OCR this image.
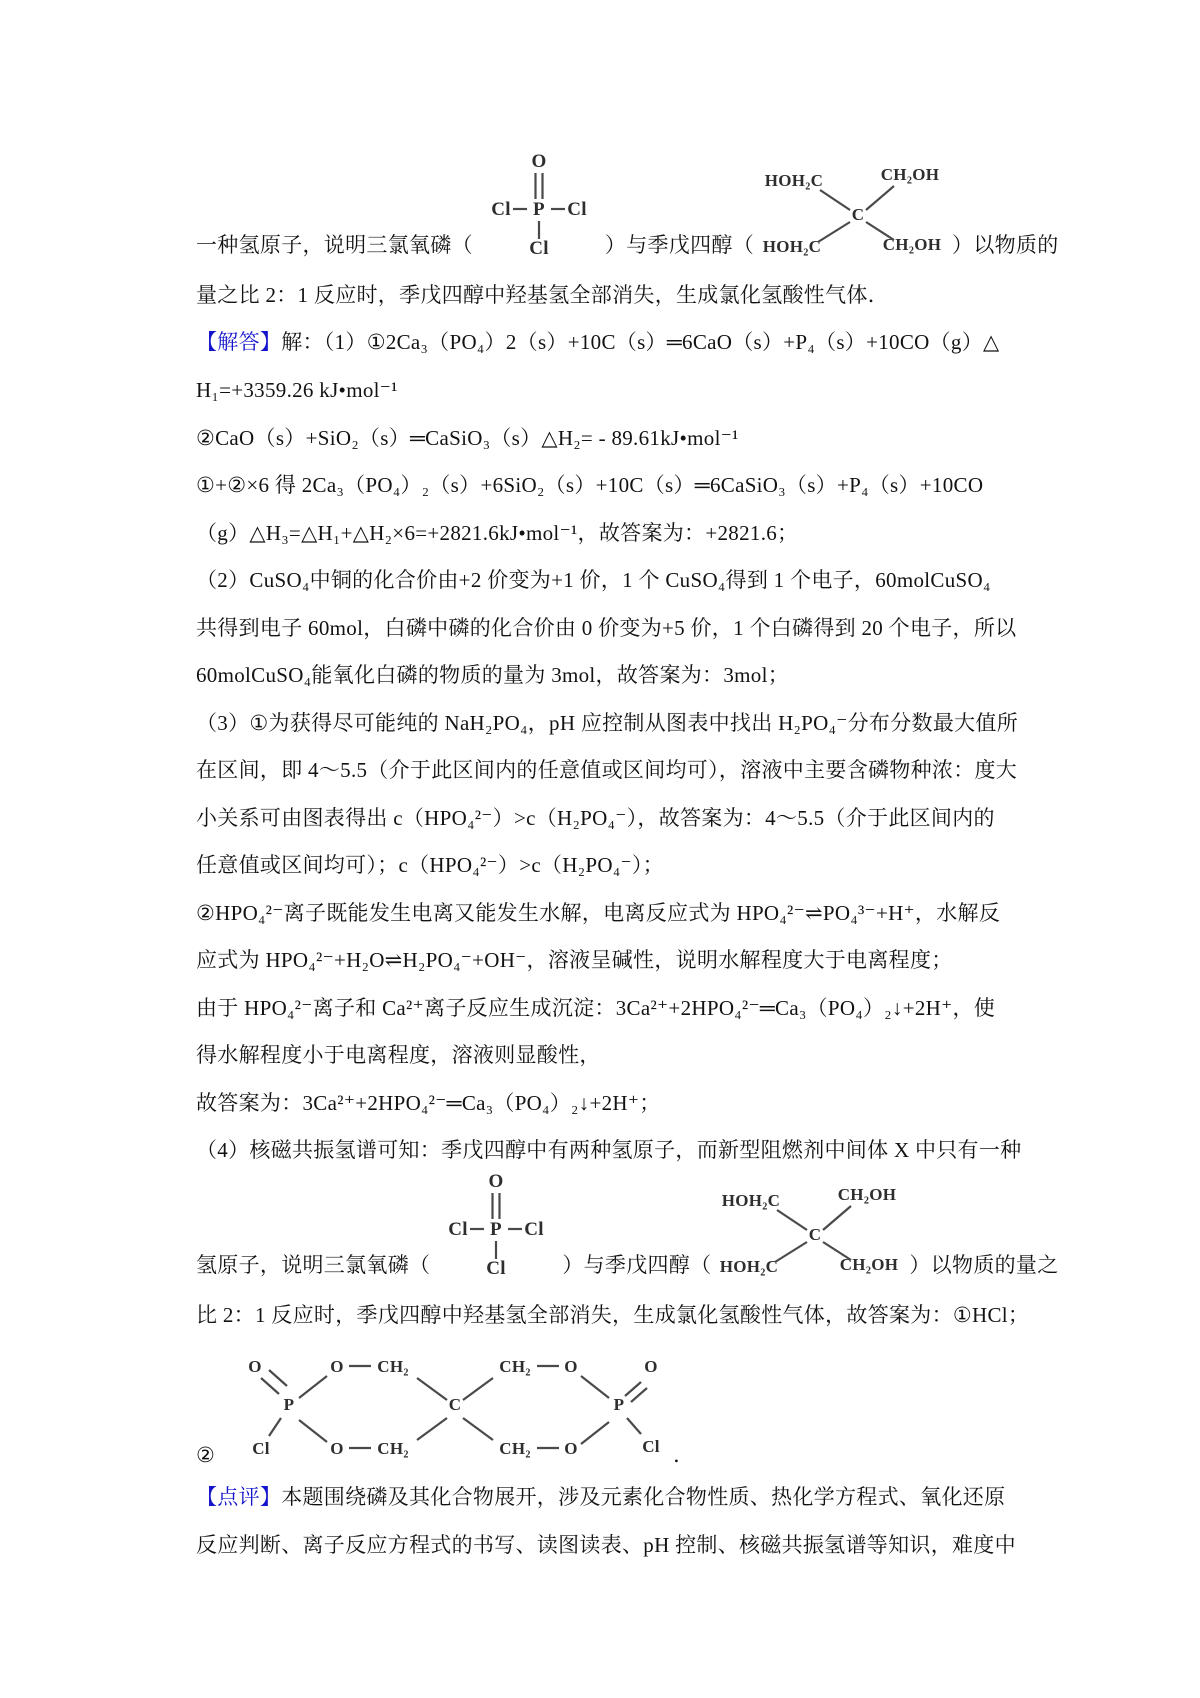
一种氢原子，说明三氯氧磷（
O
P
Cl	Cl
Cl	）与季戊四醇（
HOH₂C	CH₂OH
C
HOH₂C	CH₂OH ）以物质的
量之比 2：1 反应时，季戊四醇中羟基氢全部消失，生成氯化氢酸性气体．
【解答】 解：（1）①2Ca₃（PO₄）2（s）+10C（s）═6CaO（s）+P₄（s）+10CO（g）△
H₁=+3359.26 kJ•mol⁻¹
②CaO（s）+SiO₂（s）═CaSiO₃（s）△H₂= - 89.61kJ•mol⁻¹
①+②×6 得 2Ca₃（PO₄）₂（s）+6SiO₂（s）+10C（s）═6CaSiO₃（s）+P₄（s）+10CO
（g）△H₃=△H₁+△H₂×6=+2821.6kJ•mol⁻¹，故答案为：+2821.6；
（2）CuSO₄中铜的化合价由+2 价变为+1 价，1 个 CuSO₄得到 1 个电子，60molCuSO₄
共得到电子 60mol，白磷中磷的化合价由 0 价变为+5 价，1 个白磷得到 20 个电子，所以
60molCuSO₄能氧化白磷的物质的量为 3mol，故答案为：3mol；
（3）①为获得尽可能纯的 NaH₂PO₄，pH 应控制从图表中找出 H₂PO₄⁻分布分数最大值所
在区间，即 4～5.5（介于此区间内的任意值或区间均可），溶液中主要含磷物种浓：度大
小关系可由图表得出 c（HPO₄²⁻）>c（H₂PO₄⁻），故答案为：4～5.5（介于此区间内的
任意值或区间均可）；c（HPO₄²⁻）>c（H₂PO₄⁻）；
②HPO₄²⁻离子既能发生电离又能发生水解，电离反应式为 HPO₄²⁻⇌PO₄³⁻+H⁺，水解反
应式为 HPO₄²⁻+H₂O⇌H₂PO₄⁻+OH⁻，溶液呈碱性，说明水解程度大于电离程度；
由于 HPO₄²⁻离子和 Ca²⁺离子反应生成沉淀：3Ca²⁺+2HPO₄²⁻═Ca₃（PO₄）₂↓+2H⁺，使
得水解程度小于电离程度，溶液则显酸性，
故答案为：3Ca²⁺+2HPO₄²⁻═Ca₃（PO₄）₂↓+2H⁺；
（4）核磁共振氢谱可知：季戊四醇中有两种氢原子，而新型阻燃剂中间体 X 中只有一种
氢原子，说明三氯氧磷（
O
P
Cl	Cl
Cl	）与季戊四醇（
HOH₂C	CH₂OH
C
HOH₂C	CH₂OH ）以物质的量之
比 2：1 反应时，季戊四醇中羟基氢全部消失，生成氯化氢酸性气体，故答案为：①HCl；
②
O
P
Cl
O CH₂
O CH₂
C
CH₂ O
CH₂ O
P
O
Cl ．
【点评】 本题围绕磷及其化合物展开，涉及元素化合物性质、热化学方程式、氧化还原
反应判断、离子反应方程式的书写、读图读表、pH 控制、核磁共振氢谱等知识，难度中
